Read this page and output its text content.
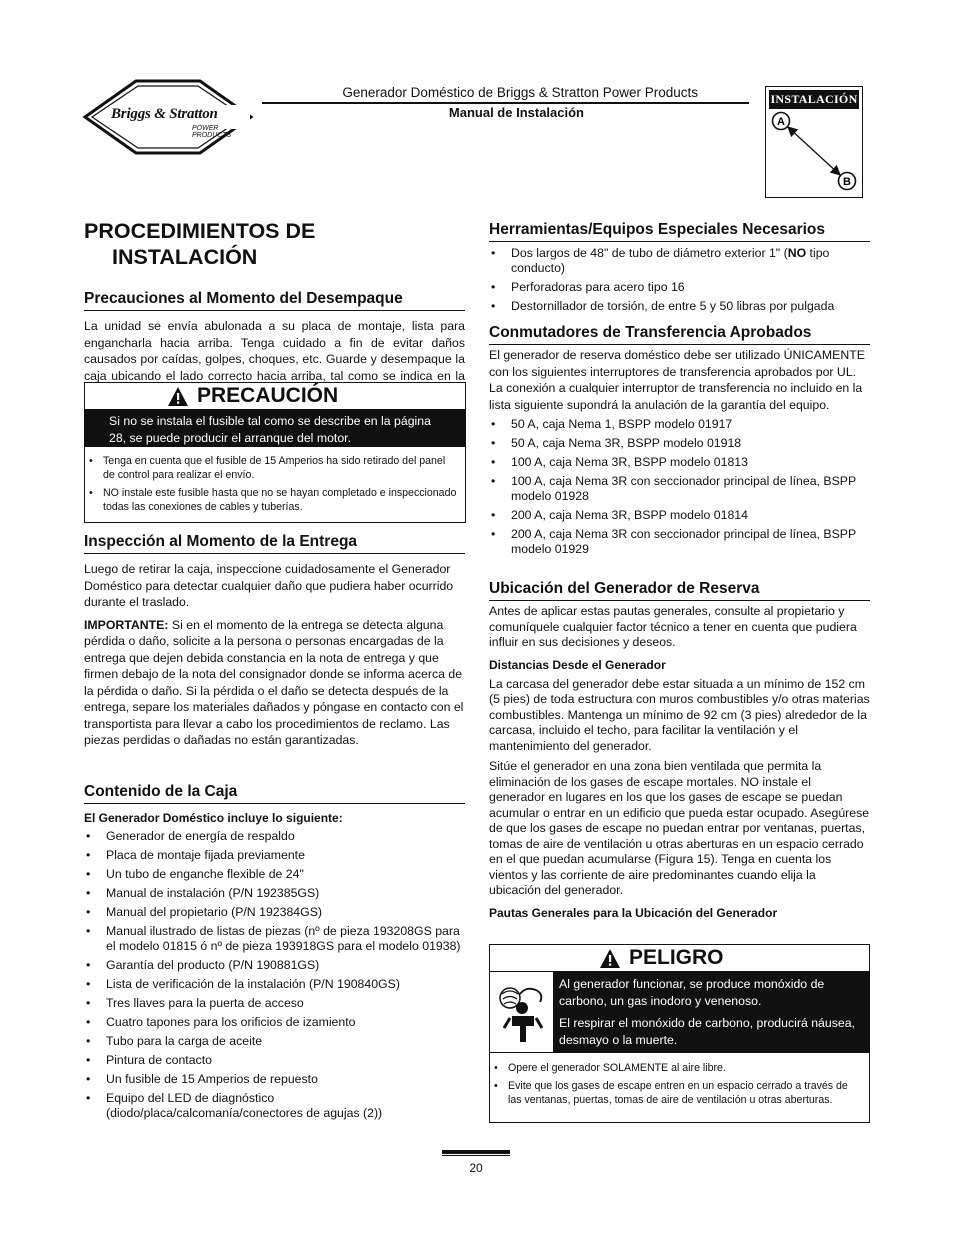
Briggs & Stratton
POWER PRODUCTS
Generador Doméstico de Briggs & Stratton Power Products
Manual de Instalación
INSTALACIÓN
A
B
PROCEDIMIENTOS DE
INSTALACIÓN
Precauciones al Momento del Desempaque
La unidad se envía abulonada a su placa de montaje, lista para engancharla hacia arriba. Tenga cuidado a fin de evitar daños causados por caídas, golpes, choques, etc. Guarde y desempaque la caja ubicando el lado correcto hacia arriba, tal como se indica en la
PRECAUCIÓN
Si no se instala el fusible tal como se describe en la página 28, se puede producir el arranque del motor.
• Tenga en cuenta que el fusible de 15 Amperios ha sido retirado del panel de control para realizar el envío.
• NO instale este fusible hasta que no se hayan completado e inspeccionado todas las conexiones de cables y tuberías.
Inspección al Momento de la Entrega
Luego de retirar la caja, inspeccione cuidadosamente el Generador Doméstico para detectar cualquier daño que pudiera haber ocurrido durante el traslado.
IMPORTANTE: Si en el momento de la entrega se detecta alguna pérdida o daño, solicite a la persona o personas encargadas de la entrega que dejen debida constancia en la nota de entrega y que firmen debajo de la nota del consignador donde se informa acerca de la pérdida o daño. Si la pérdida o el daño se detecta después de la entrega, separe los materiales dañados y póngase en contacto con el transportista para llevar a cabo los procedimientos de reclamo. Las piezas perdidas o dañadas no están garantizadas.
Contenido de la Caja
El Generador Doméstico incluye lo siguiente:
• Generador de energía de respaldo
• Placa de montaje fijada previamente
• Un tubo de enganche flexible de 24"
• Manual de instalación (P/N 192385GS)
• Manual del propietario (P/N 192384GS)
• Manual ilustrado de listas de piezas (nº de pieza 193208GS para el modelo 01815 ó nº de pieza 193918GS para el modelo 01938)
• Garantía del producto (P/N 190881GS)
• Lista de verificación de la instalación (P/N 190840GS)
• Tres llaves para la puerta de acceso
• Cuatro tapones para los orificios de izamiento
• Tubo para la carga de aceite
• Pintura de contacto
• Un fusible de 15 Amperios de repuesto
• Equipo del LED de diagnóstico (diodo/placa/calcomanía/conectores de agujas (2))
Herramientas/Equipos Especiales Necesarios
• Dos largos de 48" de tubo de diámetro exterior 1" (NO tipo conducto)
• Perforadoras para acero tipo 16
• Destornillador de torsión, de entre 5 y 50 libras por pulgada
Conmutadores de Transferencia Aprobados
El generador de reserva doméstico debe ser utilizado ÚNICAMENTE con los siguientes interruptores de transferencia aprobados por UL. La conexión a cualquier interruptor de transferencia no incluido en la lista siguiente supondrá la anulación de la garantía del equipo.
• 50 A, caja Nema 1, BSPP modelo 01917
• 50 A, caja Nema 3R, BSPP modelo 01918
• 100 A, caja Nema 3R, BSPP modelo 01813
• 100 A, caja Nema 3R con seccionador principal de línea, BSPP modelo 01928
• 200 A, caja Nema 3R, BSPP modelo 01814
• 200 A, caja Nema 3R con seccionador principal de línea, BSPP modelo 01929
Ubicación del Generador de Reserva
Antes de aplicar estas pautas generales, consulte al propietario y comuníquele cualquier factor técnico a tener en cuenta que pudiera influir en sus decisiones y deseos.
Distancias Desde el Generador
La carcasa del generador debe estar situada a un mínimo de 152 cm (5 pies) de toda estructura con muros combustibles y/o otras materias combustibles. Mantenga un mínimo de 92 cm (3 pies) alrededor de la carcasa, incluido el techo, para facilitar la ventilación y el mantenimiento del generador.
Sitúe el generador en una zona bien ventilada que permita la eliminación de los gases de escape mortales. NO instale el generador en lugares en los que los gases de escape se puedan acumular o entrar en un edificio que pueda estar ocupado. Asegúrese de que los gases de escape no puedan entrar por ventanas, puertas, tomas de aire de ventilación u otras aberturas en un espacio cerrado en el que puedan acumularse (Figura 15). Tenga en cuenta los vientos y las corriente de aire predominantes cuando elija la ubicación del generador.
Pautas Generales para la Ubicación del Generador
PELIGRO
Al generador funcionar, se produce monóxido de carbono, un gas inodoro y venenoso.
El respirar el monóxido de carbono, producirá náusea, desmayo o la muerte.
• Opere el generador SOLAMENTE al aire libre.
• Evite que los gases de escape entren en un espacio cerrado a través de las ventanas, puertas, tomas de aire de ventilación u otras aberturas.
20
